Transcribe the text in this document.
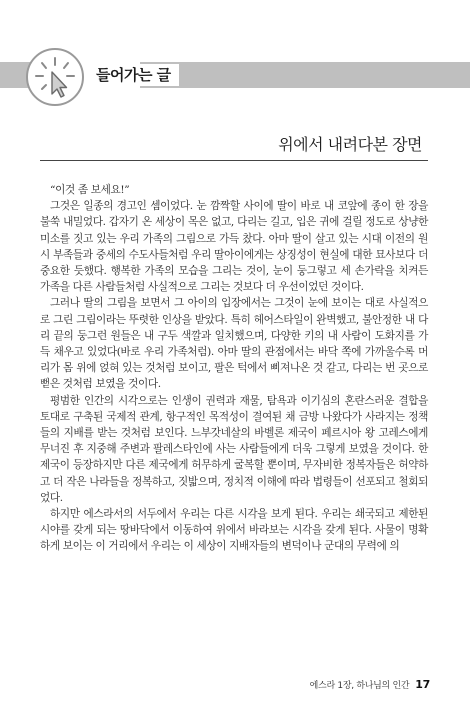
들어가는 글
위에서 내려다본 장면

“이것 좀 보세요!”

그것은 일종의 경고인 셈이었다. 눈 깜짝할 사이에 딸이 바로 내 코앞에 종이 한 장을 불쑥 내밀었다. 갑자기 온 세상이 목은 없고, 다리는 길고, 입은 귀에 걸릴 정도로 상냥한 미소를 짓고 있는 우리 가족의 그림으로 가득 찼다. 아마 딸이 살고 있는 시대 이전의 원시 부족들과 중세의 수도사들처럼 우리 딸아이에게는 상징성이 현실에 대한 묘사보다 더 중요한 듯했다. 행복한 가족의 모습을 그리는 것이, 눈이 둥그렇고 세 손가락을 치켜든 가족을 다른 사람들처럼 사실적으로 그리는 것보다 더 우선이었던 것이다.

그러나 딸의 그림을 보면서 그 아이의 입장에서는 그것이 눈에 보이는 대로 사실적으로 그린 그림이라는 뚜렷한 인상을 받았다. 특히 헤어스타일이 완벽했고, 불안정한 내 다리 끝의 둥그런 원들은 내 구두 색깔과 일치했으며, 다양한 키의 내 사람이 도화지를 가득 채우고 있었다(바로 우리 가족처럼). 아마 딸의 관점에서는 바닥 쪽에 가까울수록 머리가 몸 위에 얹혀 있는 것처럼 보이고, 팔은 턱에서 삐져나온 것 같고, 다리는 번 곳으로 뻗은 것처럼 보였을 것이다.

평범한 인간의 시각으로는 인생이 권력과 재물, 탐욕과 이기심의 혼란스러운 결합을 토대로 구축된 국제적 관계, 항구적인 목적성이 결여된 채 금방 나왔다가 사라지는 정책들의 지배를 받는 것처럼 보인다. 느부갓네살의 바벨론 제국이 페르시아 왕 고레스에게 무너진 후 지중해 주변과 팔레스타인에 사는 사람들에게 더욱 그렇게 보였을 것이다. 한 제국이 등장하지만 다른 제국에게 허무하게 굴복할 뿐이며, 무자비한 정복자들은 허약하고 더 작은 나라들을 정복하고, 짓밟으며, 정치적 이해에 따라 법령들이 선포되고 철회되었다.

하지만 에스라서의 서두에서 우리는 다른 시각을 보게 된다. 우리는 쇄국되고 제한된 시야를 갖게 되는 땅바닥에서 이동하여 위에서 바라보는 시각을 갖게 된다. 사물이 명확하게 보이는 이 거리에서 우리는 이 세상이 지배자들의 변덕이나 군대의 무력에 의

에스라 1장, 하나님의 인간 17
